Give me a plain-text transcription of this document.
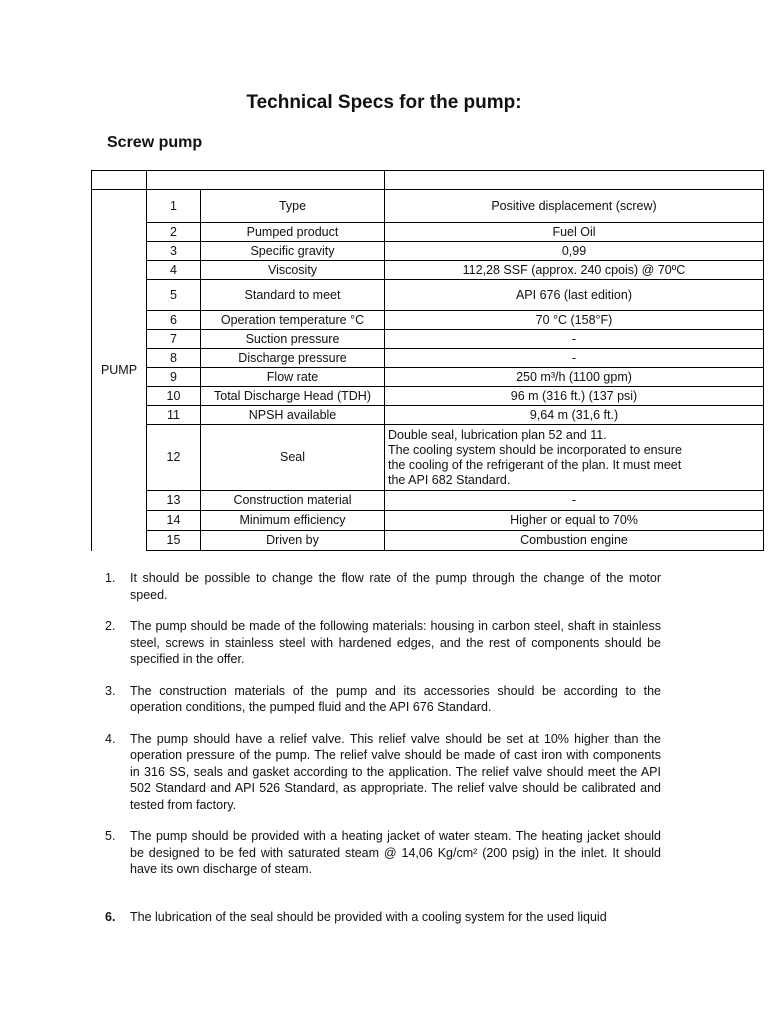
Technical Specs for the pump:
Screw pump

PUMP	1	Type	Positive displacement (screw)
	2	Pumped product	Fuel Oil
	3	Specific gravity	0,99
	4	Viscosity	112,28 SSF (approx. 240 cpois) @ 70ºC
	5	Standard to meet	API 676 (last edition)
	6	Operation temperature °C	70 °C (158°F)
	7	Suction pressure	-
	8	Discharge pressure	-
	9	Flow rate	250 m³/h (1100 gpm)
	10	Total Discharge Head (TDH)	96 m (316 ft.) (137 psi)
	11	NPSH available	9,64 m (31,6 ft.)
	12	Seal	Double seal, lubrication plan 52 and 11.
The cooling system should be incorporated to ensure
the cooling of the refrigerant of the plan. It must meet
the API 682 Standard.

	13	Construction material	-
	14	Minimum efficiency	Higher or equal to 70%
	15	Driven by	Combustion engine
1. It should be possible to change the flow rate of the pump through the change of the motor speed.
2. The pump should be made of the following materials: housing in carbon steel, shaft in stainless steel, screws in stainless steel with hardened edges, and the rest of components should be specified in the offer.
3. The construction materials of the pump and its accessories should be according to the operation conditions, the pumped fluid and the API 676 Standard.
4. The pump should have a relief valve. This relief valve should be set at 10% higher than the operation pressure of the pump. The relief valve should be made of cast iron with components in 316 SS, seals and gasket according to the application. The relief valve should meet the API 502 Standard and API 526 Standard, as appropriate. The relief valve should be calibrated and tested from factory.
5. The pump should be provided with a heating jacket of water steam. The heating jacket should be designed to be fed with saturated steam @ 14,06 Kg/cm² (200 psig) in the inlet. It should have its own discharge of steam.
6. The lubrication of the seal should be provided with a cooling system for the used liquid
